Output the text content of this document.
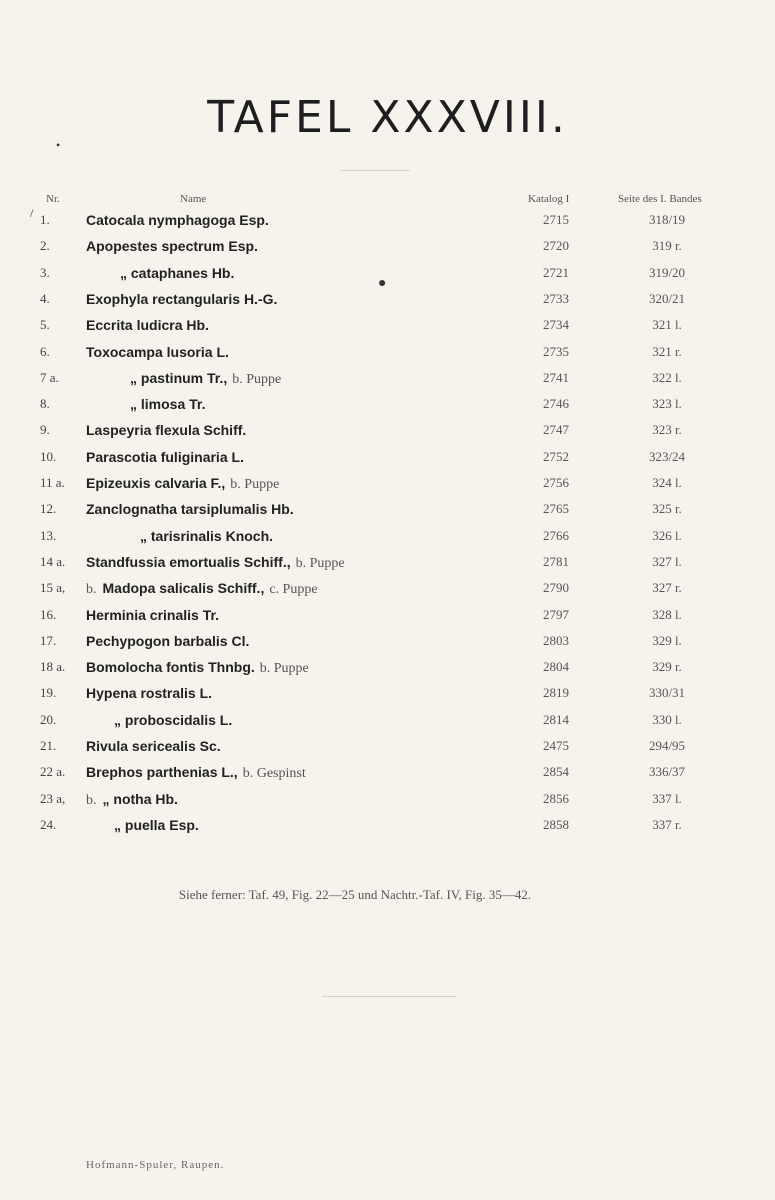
TAFEL XXXVIII.
•
/
●
Nr.	Name	Katalog I	Seite des I. Bandes
1.	Catocala nymphagoga Esp.	2715	318/19
2.	Apopestes spectrum Esp.	2720	319 r.
3.	„ cataphanes Hb.	2721	319/20
4.	Exophyla rectangularis H.-G.	2733	320/21
5.	Eccrita ludicra Hb.	2734	321 l.
6.	Toxocampa lusoria L.	2735	321 r.
7 a.	„ pastinum Tr., b. Puppe	2741	322 l.
8.	„ limosa Tr.	2746	323 l.
9.	Laspeyria flexula Schiff.	2747	323 r.
10.	Parascotia fuliginaria L.	2752	323/24
11 a.	Epizeuxis calvaria F., b. Puppe	2756	324 l.
12.	Zanclognatha tarsiplumalis Hb.	2765	325 r.
13.	„ tarisrinalis Knoch.	2766	326 l.
14 a.	Standfussia emortualis Schiff., b. Puppe	2781	327 l.
15 a,	b. Madopa salicalis Schiff., c. Puppe	2790	327 r.
16.	Herminia crinalis Tr.	2797	328 l.
17.	Pechypogon barbalis Cl.	2803	329 l.
18 a.	Bomolocha fontis Thnbg. b. Puppe	2804	329 r.
19.	Hypena rostralis L.	2819	330/31
20.	„ proboscidalis L.	2814	330 l.
21.	Rivula sericealis Sc.	2475	294/95
22 a.	Brephos parthenias L., b. Gespinst	2854	336/37
23 a,	b. „ notha Hb.	2856	337 l.
24.	„ puella Esp.	2858	337 r.
Siehe ferner: Taf. 49, Fig. 22—25 und Nachtr.-Taf. IV, Fig. 35—42.
Hofmann-Spuler, Raupen.
